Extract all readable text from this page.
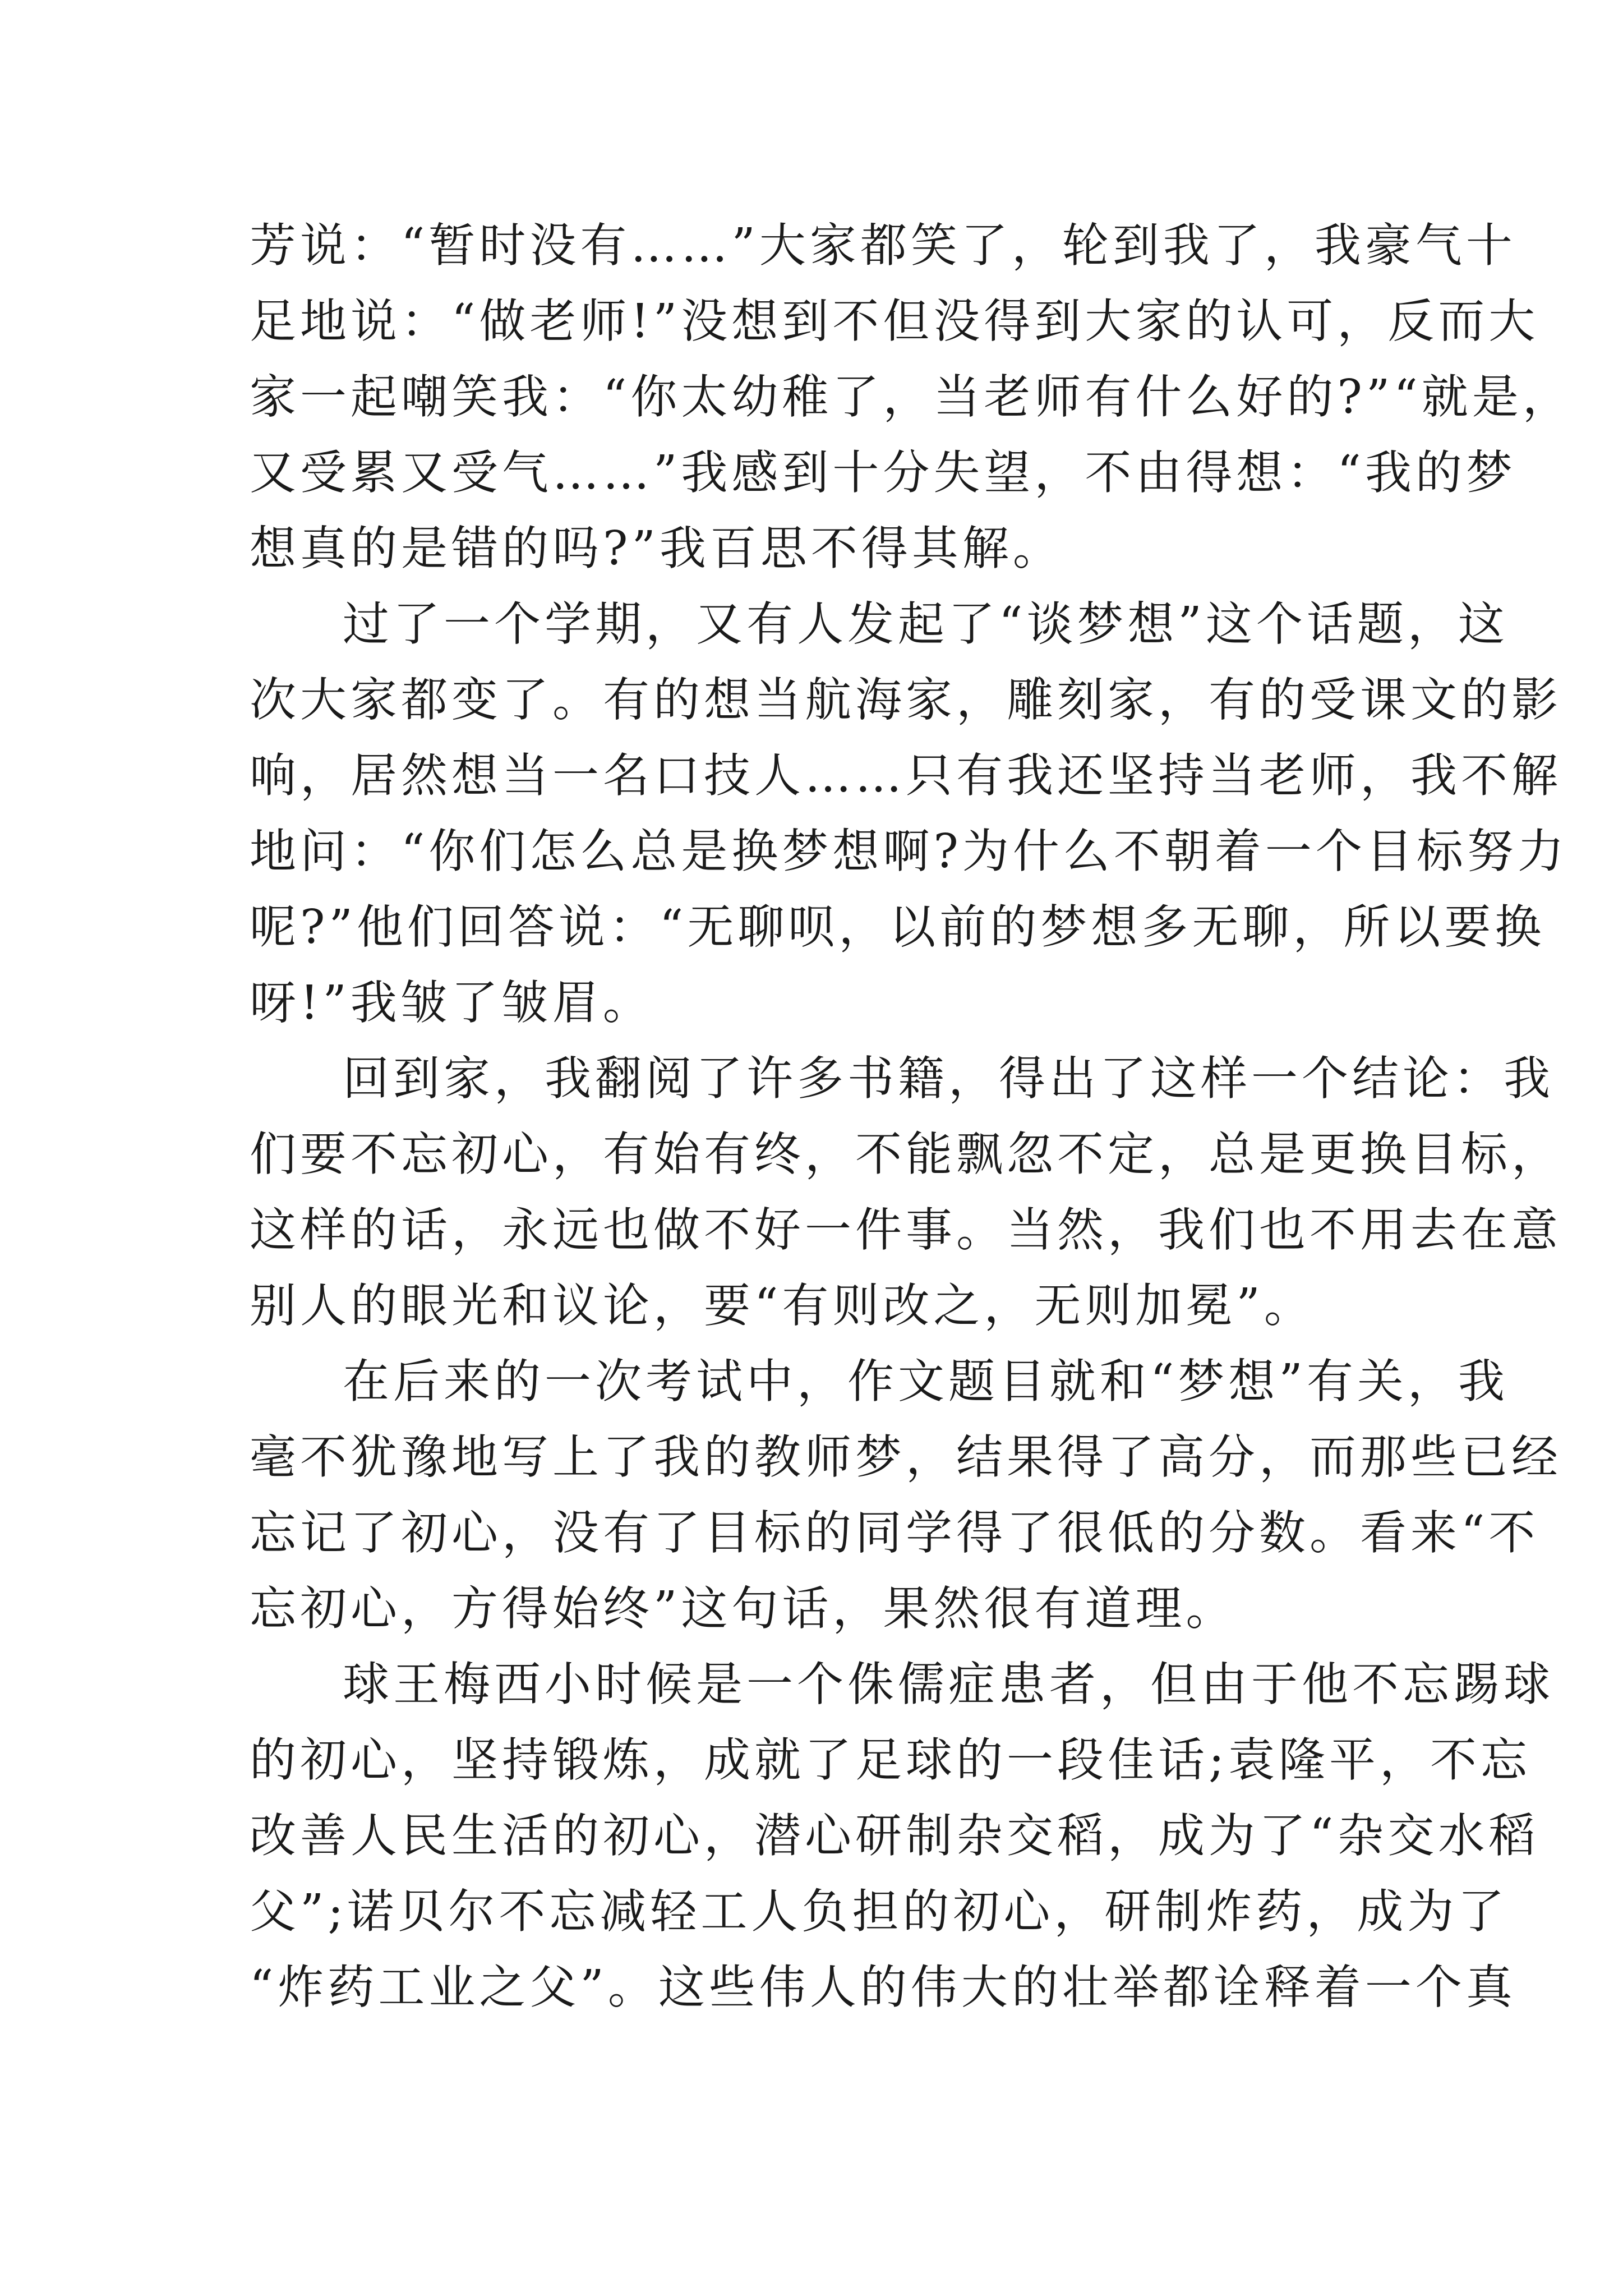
芳说：“暂时没有……”大家都笑了，轮到我了，我豪气十
足地说：“做老师!”没想到不但没得到大家的认可，反而大
家一起嘲笑我：“你太幼稚了，当老师有什么好的?”“就是，
又受累又受气……”我感到十分失望，不由得想：“我的梦
想真的是错的吗?”我百思不得其解。
过了一个学期，又有人发起了“谈梦想”这个话题，这
次大家都变了。有的想当航海家，雕刻家，有的受课文的影
响，居然想当一名口技人……只有我还坚持当老师，我不解
地问：“你们怎么总是换梦想啊?为什么不朝着一个目标努力
呢?”他们回答说：“无聊呗，以前的梦想多无聊，所以要换
呀!”我皱了皱眉。
回到家，我翻阅了许多书籍，得出了这样一个结论：我
们要不忘初心，有始有终，不能飘忽不定，总是更换目标，
这样的话，永远也做不好一件事。当然，我们也不用去在意
别人的眼光和议论，要“有则改之，无则加冕”。
在后来的一次考试中，作文题目就和“梦想”有关，我
毫不犹豫地写上了我的教师梦，结果得了高分，而那些已经
忘记了初心，没有了目标的同学得了很低的分数。看来“不
忘初心，方得始终”这句话，果然很有道理。
球王梅西小时候是一个侏儒症患者，但由于他不忘踢球
的初心，坚持锻炼，成就了足球的一段佳话;袁隆平，不忘
改善人民生活的初心，潜心研制杂交稻，成为了“杂交水稻
父”;诺贝尔不忘减轻工人负担的初心，研制炸药，成为了
“炸药工业之父”。这些伟人的伟大的壮举都诠释着一个真
